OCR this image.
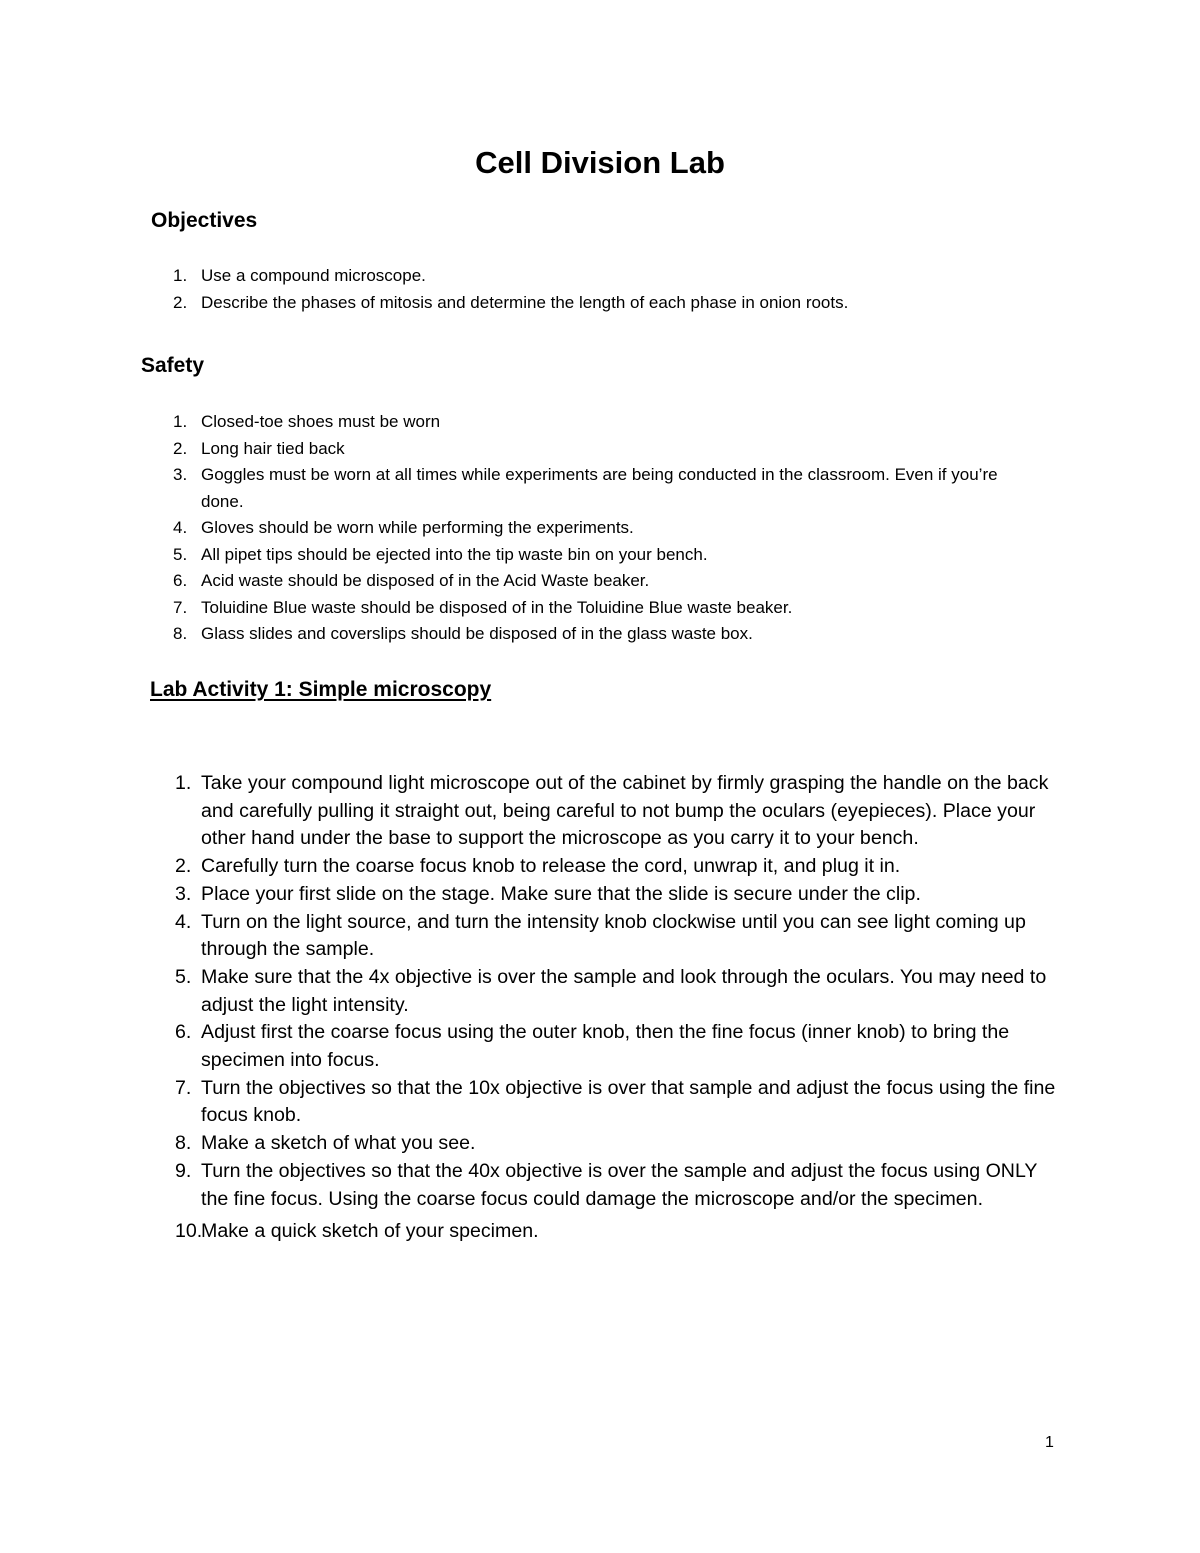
Cell Division Lab
Objectives
1. Use a compound microscope.
2. Describe the phases of mitosis and determine the length of each phase in onion roots.
Safety
1. Closed-toe shoes must be worn
2. Long hair tied back
3. Goggles must be worn at all times while experiments are being conducted in the classroom. Even if you’re done.
4. Gloves should be worn while performing the experiments.
5. All pipet tips should be ejected into the tip waste bin on your bench.
6. Acid waste should be disposed of in the Acid Waste beaker.
7. Toluidine Blue waste should be disposed of in the Toluidine Blue waste beaker.
8. Glass slides and coverslips should be disposed of in the glass waste box.
Lab Activity 1: Simple microscopy
1. Take your compound light microscope out of the cabinet by firmly grasping the handle on the back and carefully pulling it straight out, being careful to not bump the oculars (eyepieces). Place your other hand under the base to support the microscope as you carry it to your bench.
2. Carefully turn the coarse focus knob to release the cord, unwrap it, and plug it in.
3. Place your first slide on the stage. Make sure that the slide is secure under the clip.
4. Turn on the light source, and turn the intensity knob clockwise until you can see light coming up through the sample.
5. Make sure that the 4x objective is over the sample and look through the oculars. You may need to adjust the light intensity.
6. Adjust first the coarse focus using the outer knob, then the fine focus (inner knob) to bring the specimen into focus.
7. Turn the objectives so that the 10x objective is over that sample and adjust the focus using the fine focus knob.
8. Make a sketch of what you see.
9. Turn the objectives so that the 40x objective is over the sample and adjust the focus using ONLY the fine focus. Using the coarse focus could damage the microscope and/or the specimen.
10.
Make a quick sketch of your specimen.
1
